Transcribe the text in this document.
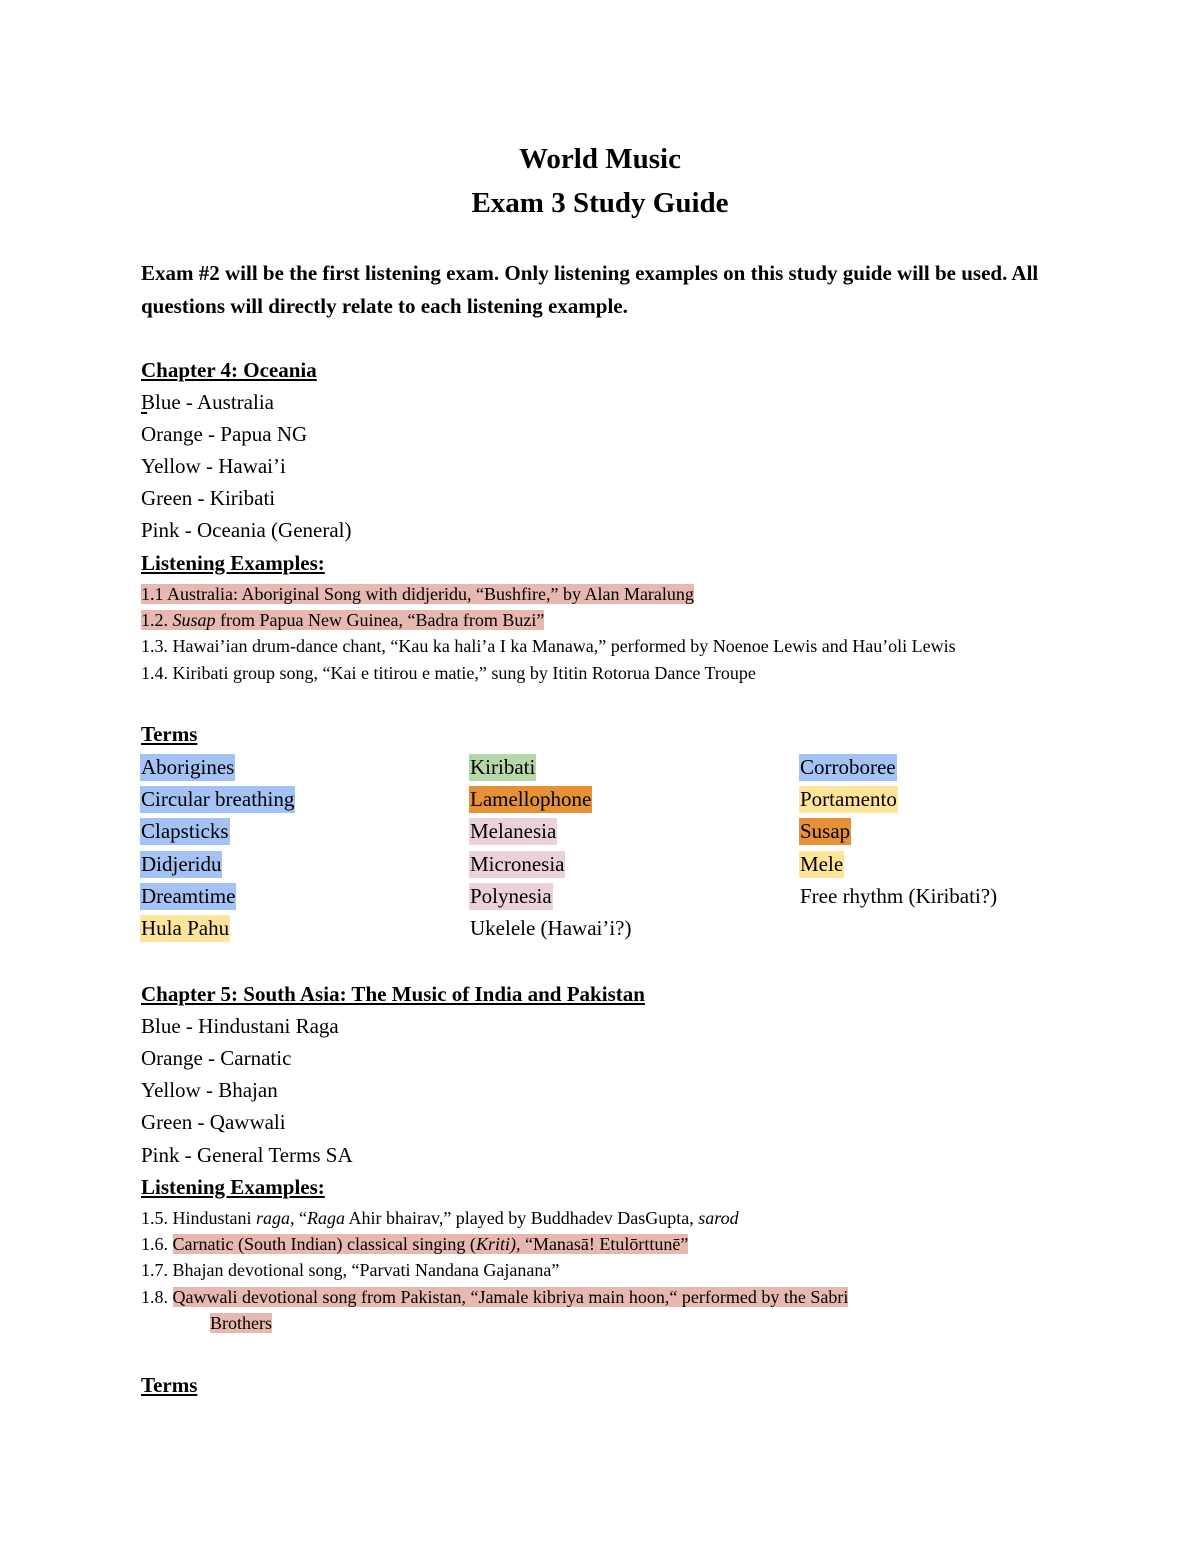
World Music
Exam 3 Study Guide

Exam #2 will be the first listening exam. Only listening examples on this study guide will be used. All questions will directly relate to each listening example.

Chapter 4: Oceania
Blue - Australia
Orange - Papua NG
Yellow - Hawai’i
Green - Kiribati
Pink - Oceania (General)
Listening Examples:
1.1 Australia: Aboriginal Song with didjeridu, “Bushfire,” by Alan Maralung
1.2. Susap from Papua New Guinea, “Badra from Buzi”
1.3. Hawai’ian drum-dance chant, “Kau ka hali’a I ka Manawa,” performed by Noenoe Lewis and Hau’oli Lewis
1.4. Kiribati group song, “Kai e titirou e matie,” sung by Ititin Rotorua Dance Troupe
Terms
Aborigines
Circular breathing
Clapsticks
Didjeridu
Dreamtime
Hula Pahu
Kiribati
Lamellophone
Melanesia
Micronesia
Polynesia
Ukelele (Hawai’i?)
Corroboree
Portamento
Susap
Mele
Free rhythm (Kiribati?)
Chapter 5: South Asia: The Music of India and Pakistan
Blue - Hindustani Raga
Orange - Carnatic
Yellow - Bhajan
Green - Qawwali
Pink - General Terms SA
Listening Examples:
1.5. Hindustani raga, “Raga Ahir bhairav,” played by Buddhadev DasGupta, sarod
1.6. Carnatic (South Indian) classical singing (Kriti), “Manasā! Etulōrttunē”
1.7. Bhajan devotional song, “Parvati Nandana Gajanana”
1.8. Qawwali devotional song from Pakistan, “Jamale kibriya main hoon,“ performed by the Sabri
Brothers
Terms
